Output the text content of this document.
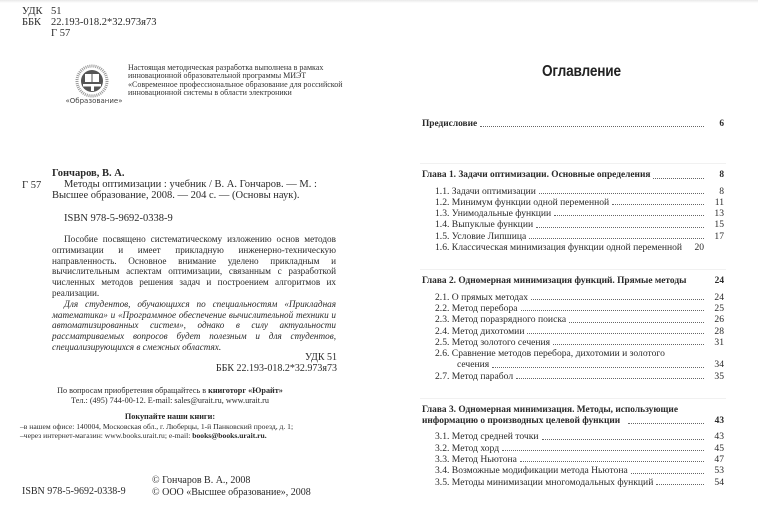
УДК 51
ББК 22.193-018.2*32.973я73
Г 57
«Образование»
Настоящая методическая разработка выполнена в рамках инновационной образовательной программы МИЭТ «Современное профессиональное образование для российской инновационной системы в области электроники
Г 57
Гончаров, В. А.

Методы оптимизации : учебник / В. А. Гончаров. — М. : Высшее образование, 2008. — 204 с. — (Основы наук).

ISBN 978-5-9692-0338-9

Пособие посвящено систематическому изложению основ методов оптимизации и имеет прикладную инженерно-техническую направленность. Основное внимание уделено прикладным и вычислительным аспектам оптимизации, связанным с разработкой численных методов решения задач и построением алгоритмов их реализации.

Для студентов, обучающихся по специальностям «Прикладная математика» и «Программное обеспечение вычислительной техники и автоматизированных систем», однако в силу актуальности рассматриваемых вопросов будет полезным и для студентов, специализирующихся в смежных областях.

УДК 51
ББК 22.193-018.2*32.973я73
По вопросам приобретения обращайтесь в книготорг «Юрайт»
Тел.: (495) 744-00-12. E-mail: sales@urait.ru, www.urait.ru
Покупайте наши книги:
–в нашем офисе: 140004, Московская обл., г. Люберцы, 1-й Панковский проезд, д. 1;
–через интернет-магазин: www.books.urait.ru; e-mail: books@books.urait.ru.
ISBN 978-5-9692-0338-9
© Гончаров В. А., 2008
© ООО «Высшее образование», 2008
Оглавление
Предисловие	6
Глава 1. Задачи оптимизации. Основные определения	8
1.1. Задачи оптимизации	8
1.2. Минимум функции одной переменной	11
1.3. Унимодальные функции	13
1.4. Выпуклые функции	15
1.5. Условие Липшица	17
1.6. Классическая минимизация функции одной переменной	20
Глава 2. Одномерная минимизация функций. Прямые методы	24
2.1. О прямых методах	24
2.2. Метод перебора	25
2.3. Метод поразрядного поиска	26
2.4. Метод дихотомии	28
2.5. Метод золотого сечения	31
2.6. Сравнение методов перебора, дихотомии и золотого
сечения	34
2.7. Метод парабол	35
Глава 3. Одномерная минимизация. Методы, использующие
информацию о производных целевой функции	43
3.1. Метод средней точки	43
3.2. Метод хорд	45
3.3. Метод Ньютона	47
3.4. Возможные модификации метода Ньютона	53
3.5. Методы минимизации многомодальных функций	54
